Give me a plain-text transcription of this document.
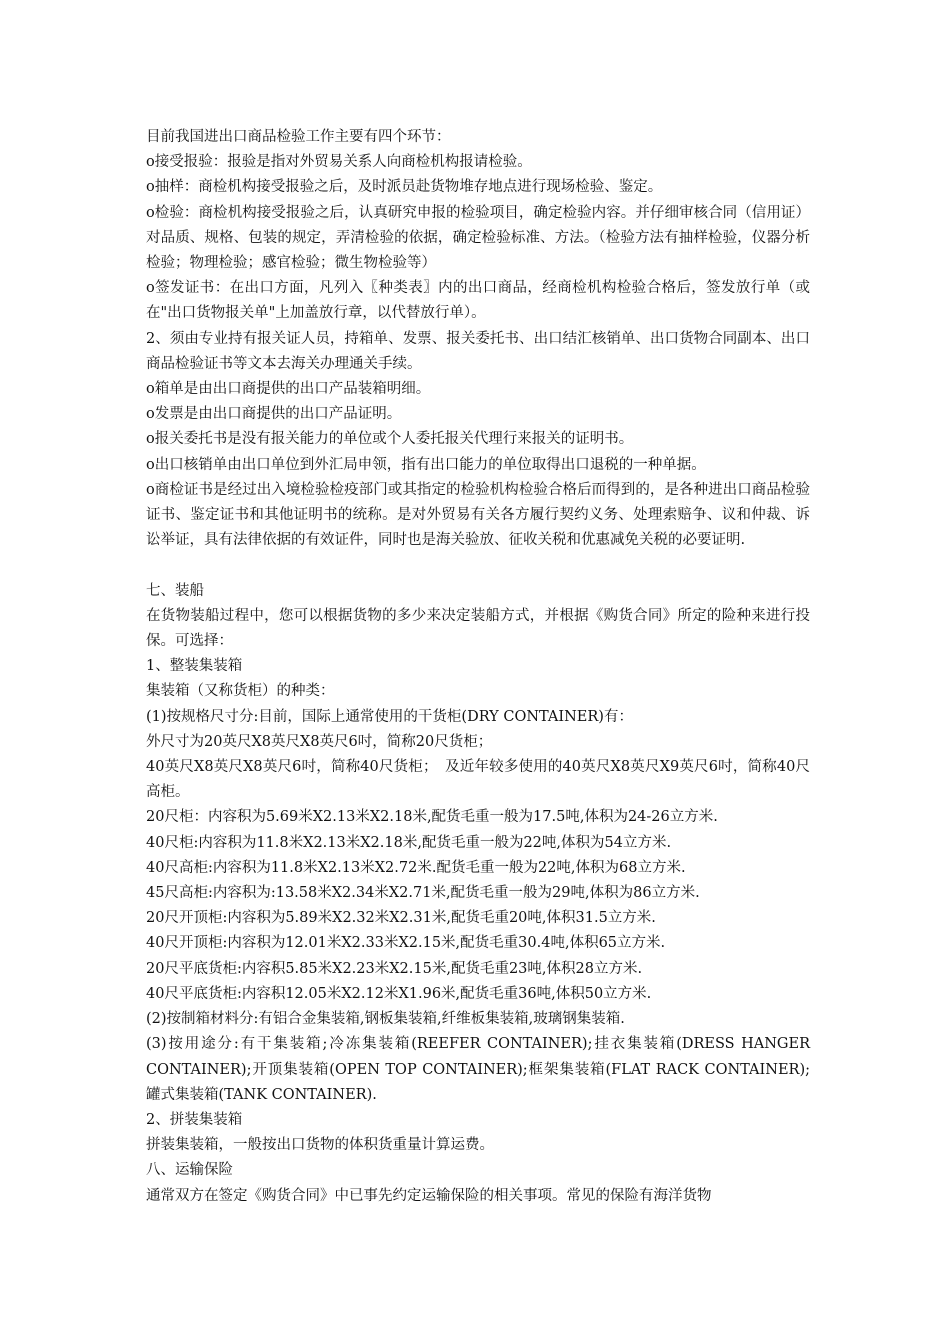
目前我国进出口商品检验工作主要有四个环节：

o接受报验：报验是指对外贸易关系人向商检机构报请检验。

o抽样：商检机构接受报验之后，及时派员赴货物堆存地点进行现场检验、鉴定。

o检验：商检机构接受报验之后，认真研究申报的检验项目，确定检验内容。并仔细审核合同（信用证）对品质、规格、包装的规定，弄清检验的依据，确定检验标准、方法。（检验方法有抽样检验，仪器分析检验；物理检验；感官检验；微生物检验等）

o签发证书：在出口方面，凡列入〖种类表〗内的出口商品，经商检机构检验合格后，签发放行单（或在"出口货物报关单"上加盖放行章，以代替放行单）。

2、须由专业持有报关证人员，持箱单、发票、报关委托书、出口结汇核销单、出口货物合同副本、出口商品检验证书等文本去海关办理通关手续。

o箱单是由出口商提供的出口产品装箱明细。

o发票是由出口商提供的出口产品证明。

o报关委托书是没有报关能力的单位或个人委托报关代理行来报关的证明书。

o出口核销单由出口单位到外汇局申领，指有出口能力的单位取得出口退税的一种单据。

o商检证书是经过出入境检验检疫部门或其指定的检验机构检验合格后而得到的，是各种进出口商品检验证书、鉴定证书和其他证明书的统称。是对外贸易有关各方履行契约义务、处理索赔争、议和仲裁、诉讼举证，具有法律依据的有效证件，同时也是海关验放、征收关税和优惠减免关税的必要证明.

七、装船

在货物装船过程中，您可以根据货物的多少来决定装船方式，并根据《购货合同》所定的险种来进行投保。可选择：

1、整装集装箱

集装箱（又称货柜）的种类：

(1)按规格尺寸分:目前，国际上通常使用的干货柜(DRY CONTAINER)有：

外尺寸为20英尺X8英尺X8英尺6吋，简称20尺货柜；

40英尺X8英尺X8英尺6吋，简称40尺货柜；　及近年较多使用的40英尺X8英尺X9英尺6吋，简称40尺高柜。

20尺柜：内容积为5.69米X2.13米X2.18米,配货毛重一般为17.5吨,体积为24-26立方米.

40尺柜:内容积为11.8米X2.13米X2.18米,配货毛重一般为22吨,体积为54立方米.

40尺高柜:内容积为11.8米X2.13米X2.72米.配货毛重一般为22吨,体积为68立方米.

45尺高柜:内容积为:13.58米X2.34米X2.71米,配货毛重一般为29吨,体积为86立方米.

20尺开顶柜:内容积为5.89米X2.32米X2.31米,配货毛重20吨,体积31.5立方米.

40尺开顶柜:内容积为12.01米X2.33米X2.15米,配货毛重30.4吨,体积65立方米.

20尺平底货柜:内容积5.85米X2.23米X2.15米,配货毛重23吨,体积28立方米.

40尺平底货柜:内容积12.05米X2.12米X1.96米,配货毛重36吨,体积50立方米.

(2)按制箱材料分:有铝合金集装箱,钢板集装箱,纤维板集装箱,玻璃钢集装箱.

(3)按用途分:有干集装箱;冷冻集装箱(REEFER CONTAINER);挂衣集装箱(DRESS HANGER CONTAINER);开顶集装箱(OPEN TOP CONTAINER);框架集装箱(FLAT RACK CONTAINER);罐式集装箱(TANK CONTAINER).

2、拼装集装箱

拼装集装箱，一般按出口货物的体积货重量计算运费。

八、运输保险

通常双方在签定《购货合同》中已事先约定运输保险的相关事项。常见的保险有海洋货物
